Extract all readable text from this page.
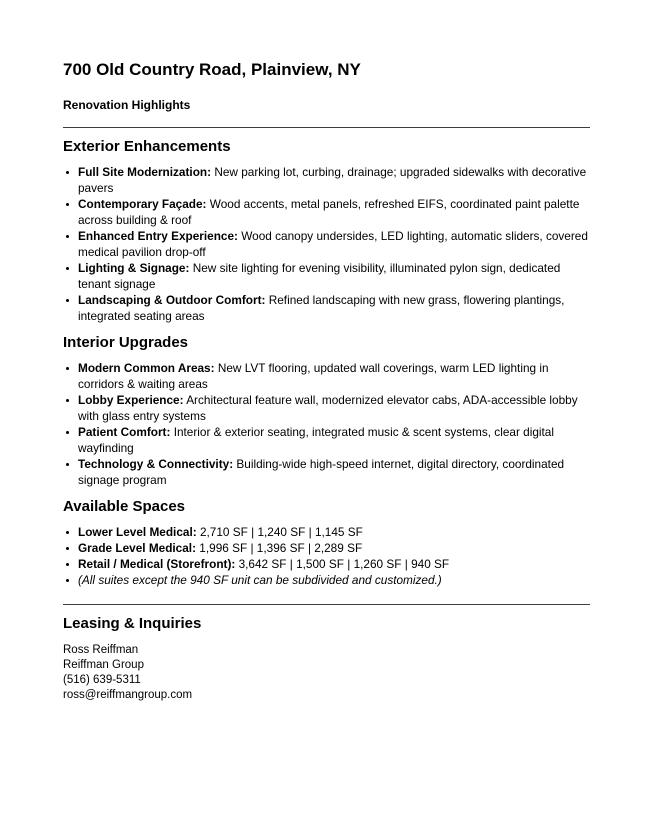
700 Old Country Road, Plainview, NY
Renovation Highlights
Exterior Enhancements
Full Site Modernization: New parking lot, curbing, drainage; upgraded sidewalks with decorative pavers
Contemporary Façade: Wood accents, metal panels, refreshed EIFS, coordinated paint palette across building & roof
Enhanced Entry Experience: Wood canopy undersides, LED lighting, automatic sliders, covered medical pavilion drop-off
Lighting & Signage: New site lighting for evening visibility, illuminated pylon sign, dedicated tenant signage
Landscaping & Outdoor Comfort: Refined landscaping with new grass, flowering plantings, integrated seating areas
Interior Upgrades
Modern Common Areas: New LVT flooring, updated wall coverings, warm LED lighting in corridors & waiting areas
Lobby Experience: Architectural feature wall, modernized elevator cabs, ADA-accessible lobby with glass entry systems
Patient Comfort: Interior & exterior seating, integrated music & scent systems, clear digital wayfinding
Technology & Connectivity: Building-wide high-speed internet, digital directory, coordinated signage program
Available Spaces
Lower Level Medical: 2,710 SF | 1,240 SF | 1,145 SF
Grade Level Medical: 1,996 SF | 1,396 SF | 2,289 SF
Retail / Medical (Storefront): 3,642 SF | 1,500 SF | 1,260 SF | 940 SF
(All suites except the 940 SF unit can be subdivided and customized.)
Leasing & Inquiries

Ross Reiffman

Reiffman Group

(516) 639-5311

ross@reiffmangroup.com
